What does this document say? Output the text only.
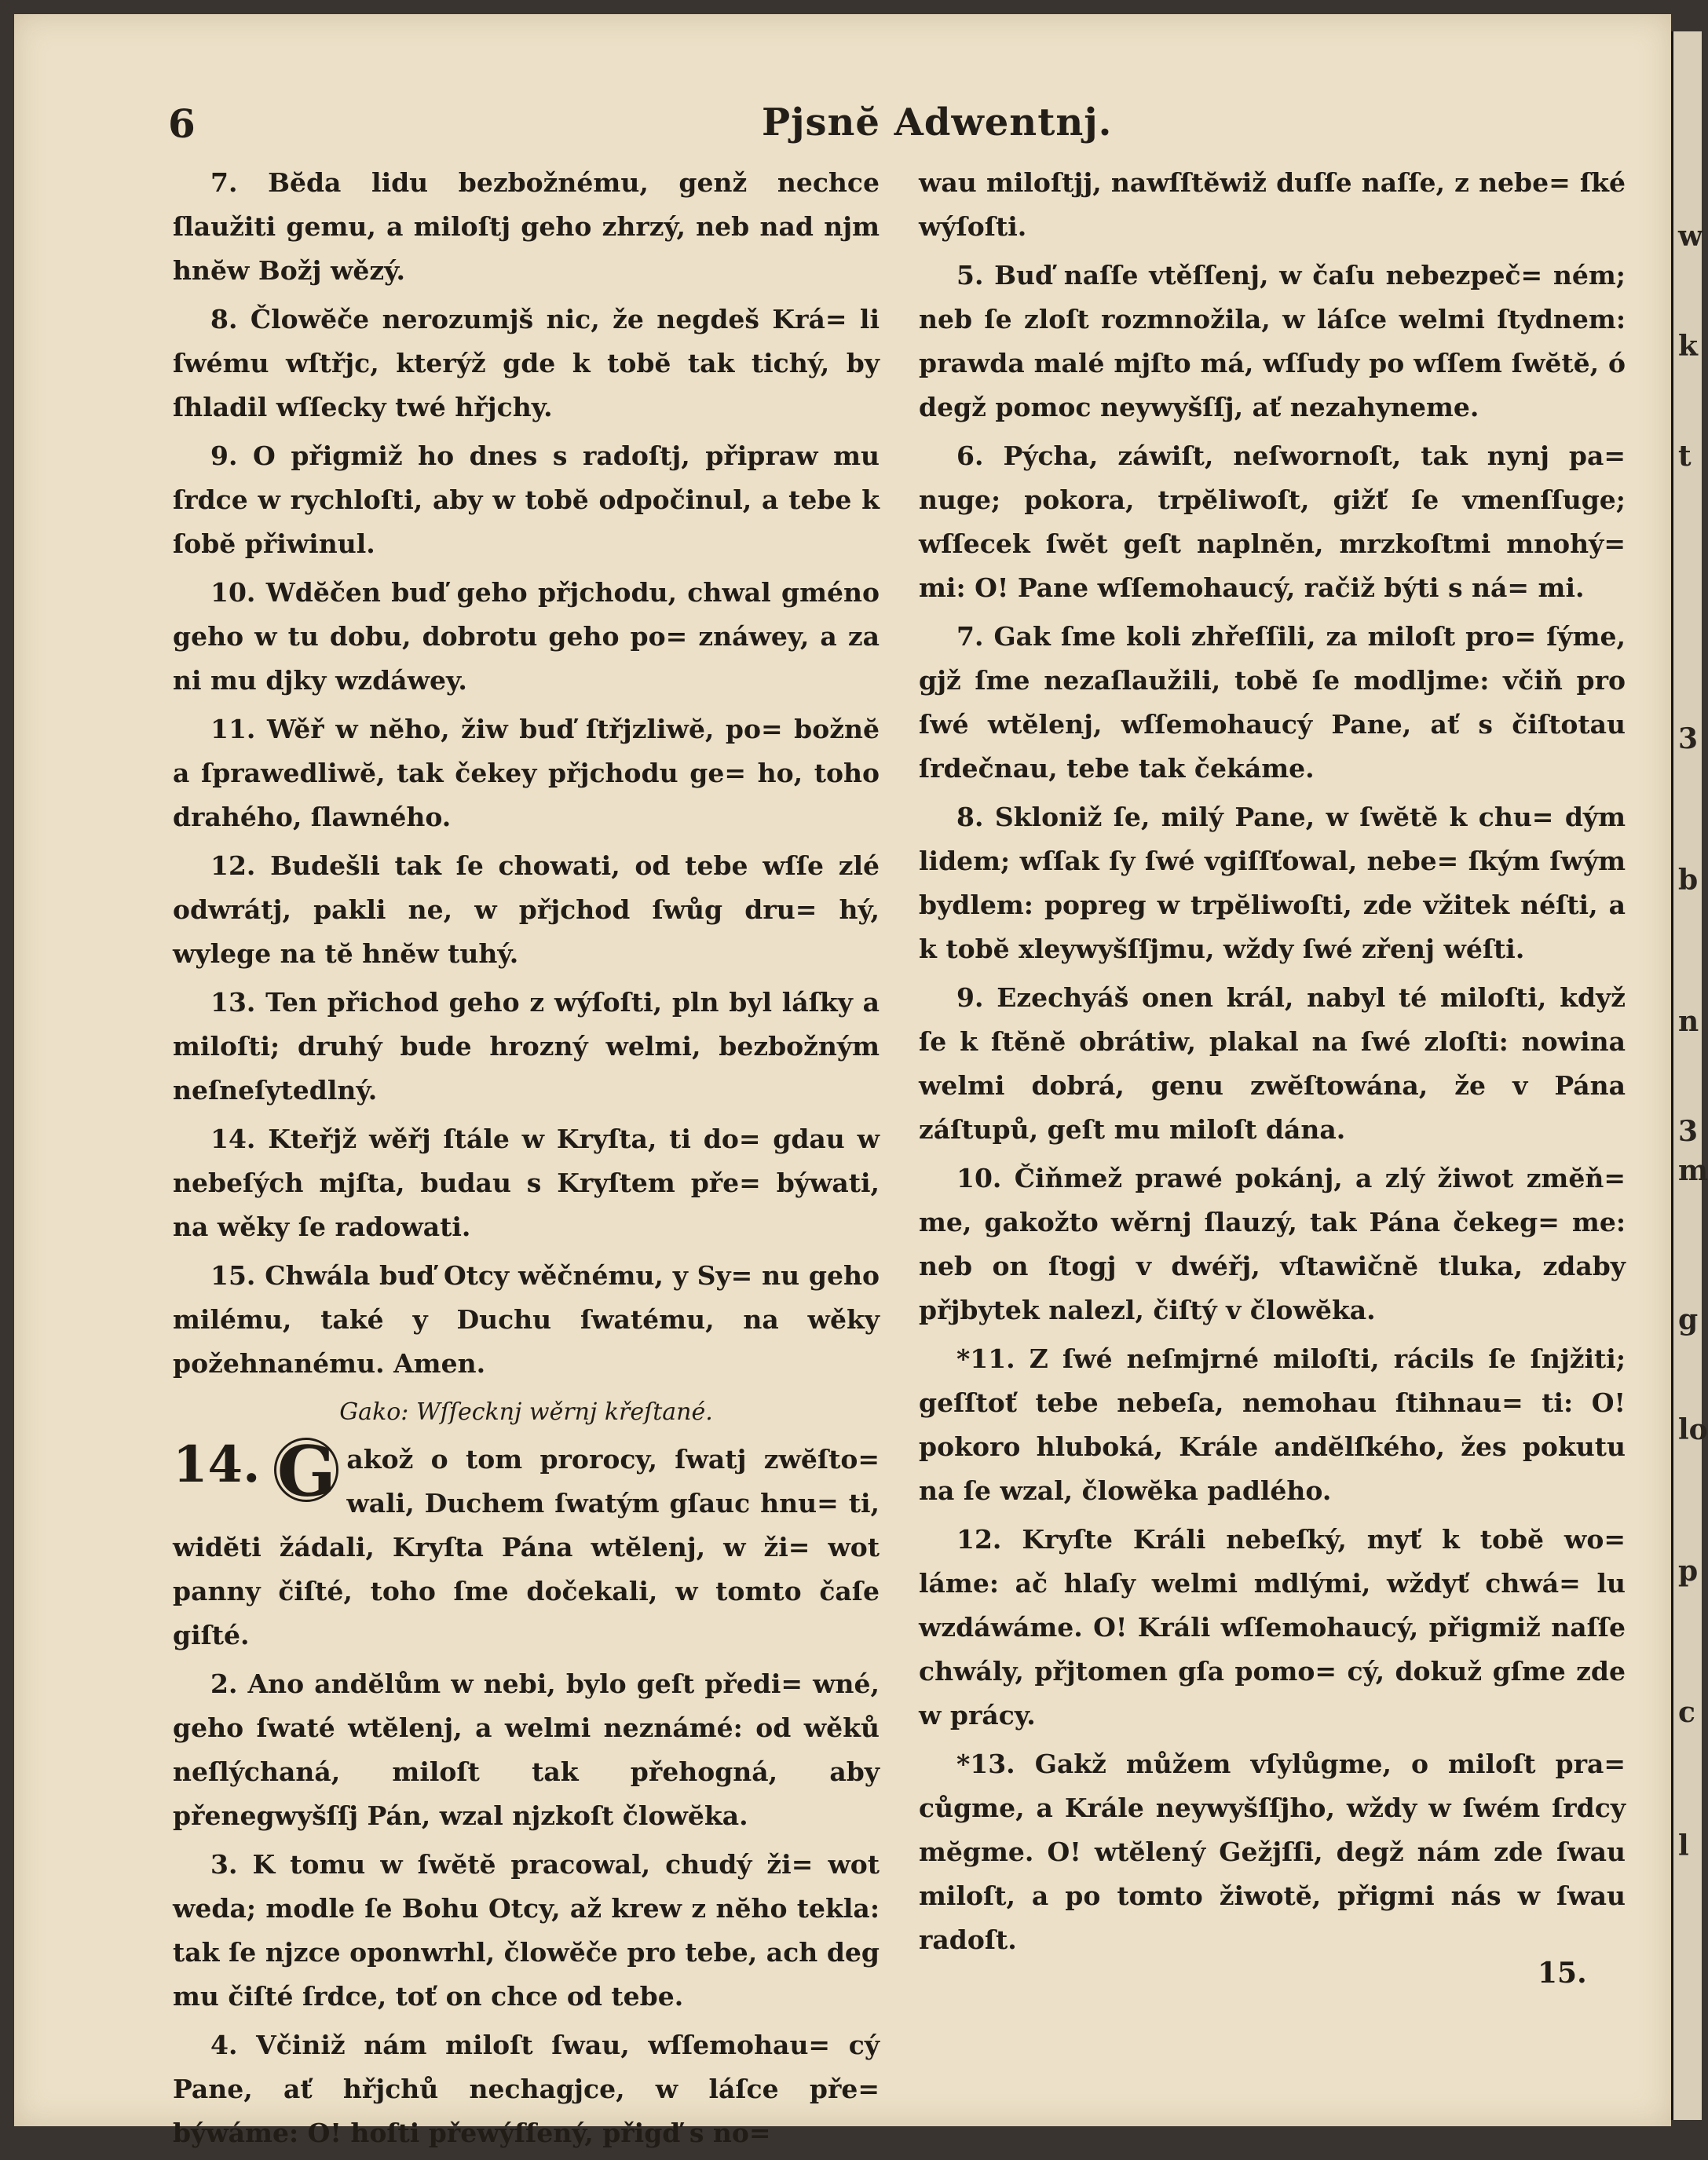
w
k
t
3
b
n
3
m
g
lo
p
c
l
6	Pjsnĕ Adwentnj.
7. Bĕda lidu bezbožnému, genž nechce ſlaužiti gemu, a miloſtj geho zhrzý, neb nad njm hnĕw Božj wězý.
8. Člowĕče nerozumjš nic, že negdeš Krá= li ſwému wſtřjc, kterýž gde k tobĕ tak tichý, by ſhladil wſſecky twé hřjchy.
9. O přigmiž ho dnes s radoſtj, připraw mu ſrdce w rychloſti, aby w tobĕ odpočinul, a tebe k ſobĕ přiwinul.
10. Wdĕčen buď geho přjchodu, chwal gméno geho w tu dobu, dobrotu geho po= znáwey, a za ni mu djky wzdáwey.
11. Wěř w nĕho, žiw buď ſtřjzliwĕ, po= božnĕ a ſprawedliwĕ, tak čekey přjchodu ge= ho, toho drahého, ſlawného.
12. Budešli tak ſe chowati, od tebe wſſe zlé odwrátj, pakli ne, w přjchod ſwůg dru= hý, wylege na tĕ hnĕw tuhý.
13. Ten přichod geho z wýſoſti, pln byl láſky a miloſti; druhý bude hrozný welmi, bezbožným neſneſytedlný.
14. Kteřjž wěřj ſtále w Kryſta, ti do= gdau w nebeſých mjſta, budau s Kryſtem pře= býwati, na wěky ſe radowati.
15. Chwála buď Otcy wěčnému, y Sy= nu geho milému, také y Duchu ſwatému, na wěky požehnanému. Amen.
Gako: Wſſecknj wěrnj křeſtané.
14. G akož o tom prorocy, ſwatj zwĕſto= wali, Duchem ſwatým gſauc hnu= ti, widĕti žádali, Kryſta Pána wtĕlenj, w ži= wot panny čiſté, toho ſme dočekali, w tomto čaſe giſté.
2. Ano andĕlům w nebi, bylo geſt předi= wné, geho ſwaté wtĕlenj, a welmi neznámé: od wěků neſlýchaná, miloſt tak přehogná, aby přenegwyšſſj Pán, wzal njzkoſt člowĕka.
3. K tomu w ſwĕtĕ pracowal, chudý ži= wot weda; modle ſe Bohu Otcy, až krew z nĕho tekla: tak ſe njzce oponwrhl, člowĕče pro tebe, ach deg mu čiſté ſrdce, toť on chce od tebe.
4. Včiniž nám miloſt ſwau, wſſemohau= cý Pane, ať hřjchů nechagjce, w láſce pře= býwáme: O! hoſti přewýſſený, přigď s no=
wau miloſtjj, nawſſtĕwiž duſſe naſſe, z nebe= ſké wýſoſti.
5. Buď naſſe vtěſſenj, w čaſu nebezpeč= ném; neb ſe zloſt rozmnožila, w láſce welmi ſtydnem: prawda malé mjſto má, wſſudy po wſſem ſwĕtĕ, ó degž pomoc neywyšſſj, ať nezahyneme.
6. Pýcha, záwiſt, neſwornoſt, tak nynj pa= nuge; pokora, trpĕliwoſt, gižť ſe vmenſſuge; wſſecek ſwĕt geſt naplnĕn, mrzkoſtmi mnohý= mi: O! Pane wſſemohaucý, račiž býti s ná= mi.
7. Gak ſme koli zhřeſſili, za miloſt pro= ſýme, gjž ſme nezaſlaužili, tobĕ ſe modljme: včiň pro ſwé wtĕlenj, wſſemohaucý Pane, ať s čiſtotau ſrdečnau, tebe tak čekáme.
8. Skloniž ſe, milý Pane, w ſwĕtĕ k chu= dým lidem; wſſak ſy ſwé vgiſſťowal, nebe= ſkým ſwým bydlem: popreg w trpĕliwoſti, zde vžitek néſti, a k tobĕ xleywyšſſjmu, wždy ſwé zřenj wéſti.
9. Ezechyáš onen král, nabyl té miloſti, když ſe k ſtĕnĕ obrátiw, plakal na ſwé zloſti: nowina welmi dobrá, genu zwĕſtowána, že v Pána záſtupů, geſt mu miloſt dána.
10. Čiňmež prawé pokánj, a zlý žiwot zmĕň= me, gakožto wěrnj ſlauzý, tak Pána čekeg= me: neb on ſtogj v dwéřj, vſtawičnĕ tluka, zdaby přjbytek nalezl, čiſtý v člowĕka.
*11. Z ſwé neſmjrné miloſti, rácils ſe ſnjžiti; geſſtoť tebe nebeſa, nemohau ſtihnau= ti: O! pokoro hluboká, Krále andĕlſkého, žes pokutu na ſe wzal, člowĕka padlého.
12. Kryſte Králi nebeſký, myť k tobĕ wo= láme: ač hlaſy welmi mdlými, wždyť chwá= lu wzdáwáme. O! Králi wſſemohaucý, přigmiž naſſe chwály, přjtomen gſa pomo= cý, dokuž gſme zde w prácy.
*13. Gakž můžem vſylůgme, o miloſt pra= cůgme, a Krále neywyšſſjho, wždy w ſwém ſrdcy mĕgme. O! wtĕlený Gežjſſi, degž nám zde ſwau miloſt, a po tomto žiwotĕ, přigmi nás w ſwau radoſt.
15.
